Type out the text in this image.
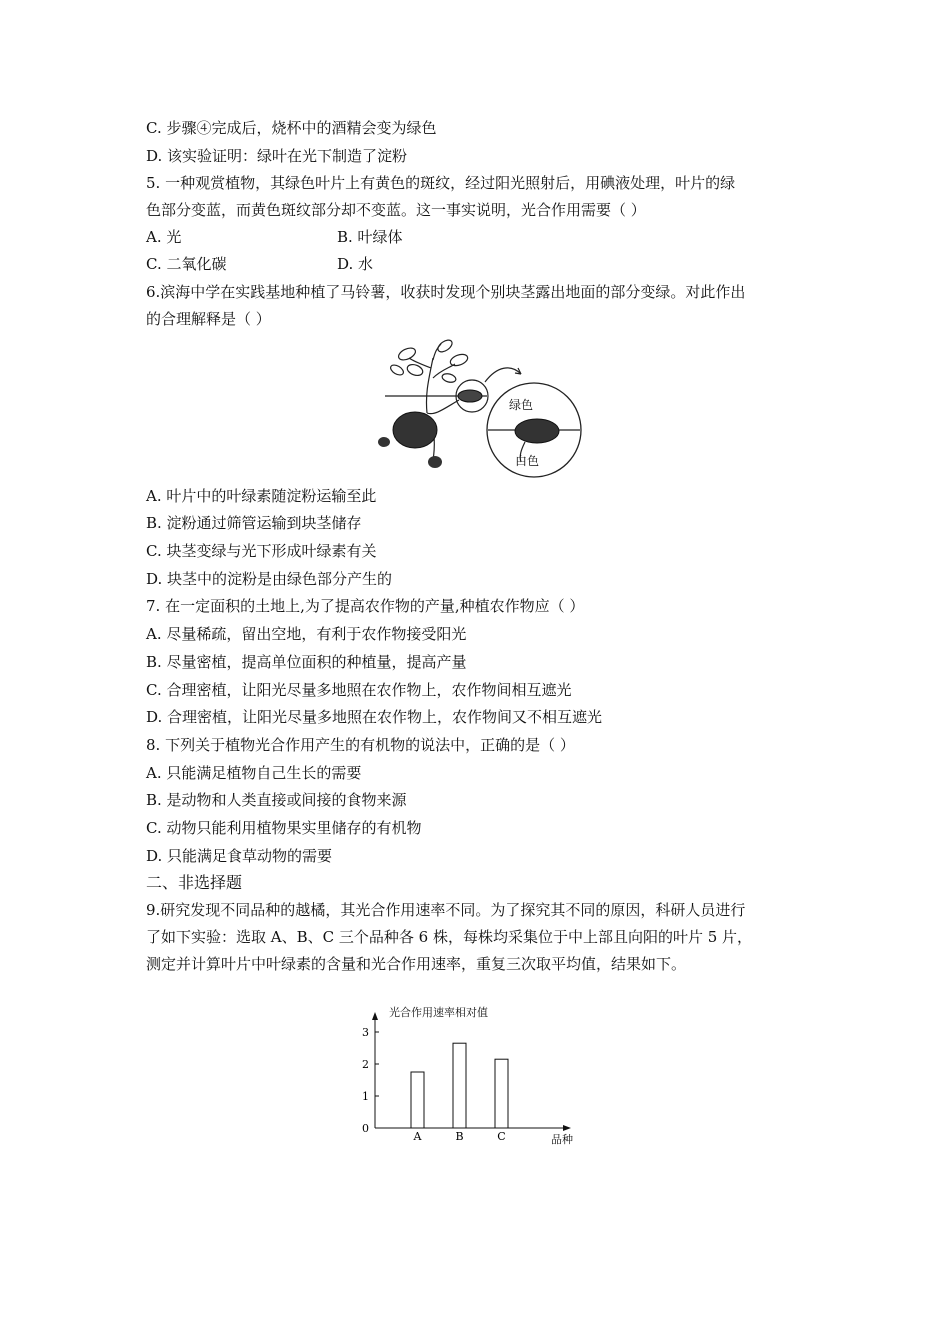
C. 步骤④完成后，烧杯中的酒精会变为绿色
D. 该实验证明：绿叶在光下制造了淀粉
5. 一种观赏植物，其绿色叶片上有黄色的斑纹，经过阳光照射后，用碘液处理，叶片的绿
色部分变蓝，而黄色斑纹部分却不变蓝。这一事实说明，光合作用需要（ ）
A. 光	B. 叶绿体
C. 二氧化碳	D. 水
6.滨海中学在实践基地种植了马铃薯，收获时发现个别块茎露出地面的部分变绿。对此作出
的合理解释是（ ）
绿色
白色
A. 叶片中的叶绿素随淀粉运输至此
B. 淀粉通过筛管运输到块茎储存
C. 块茎变绿与光下形成叶绿素有关
D. 块茎中的淀粉是由绿色部分产生的
7. 在一定面积的土地上,为了提高农作物的产量,种植农作物应（ ）
A. 尽量稀疏，留出空地，有利于农作物接受阳光
B. 尽量密植，提高单位面积的种植量，提高产量
C. 合理密植，让阳光尽量多地照在农作物上，农作物间相互遮光
D. 合理密植，让阳光尽量多地照在农作物上，农作物间又不相互遮光
8. 下列关于植物光合作用产生的有机物的说法中，正确的是（ ）
A. 只能满足植物自己生长的需要
B. 是动物和人类直接或间接的食物来源
C. 动物只能利用植物果实里储存的有机物
D. 只能满足食草动物的需要
二、非选择题
9.研究发现不同品种的越橘，其光合作用速率不同。为了探究其不同的原因，科研人员进行
了如下实验：选取 A、B、C 三个品种各 6 株，每株均采集位于中上部且向阳的叶片 5 片，
测定并计算叶片中叶绿素的含量和光合作用速率，重复三次取平均值，结果如下。
光合作用速率相对值
品种
0
1
2
3
A	B	C
